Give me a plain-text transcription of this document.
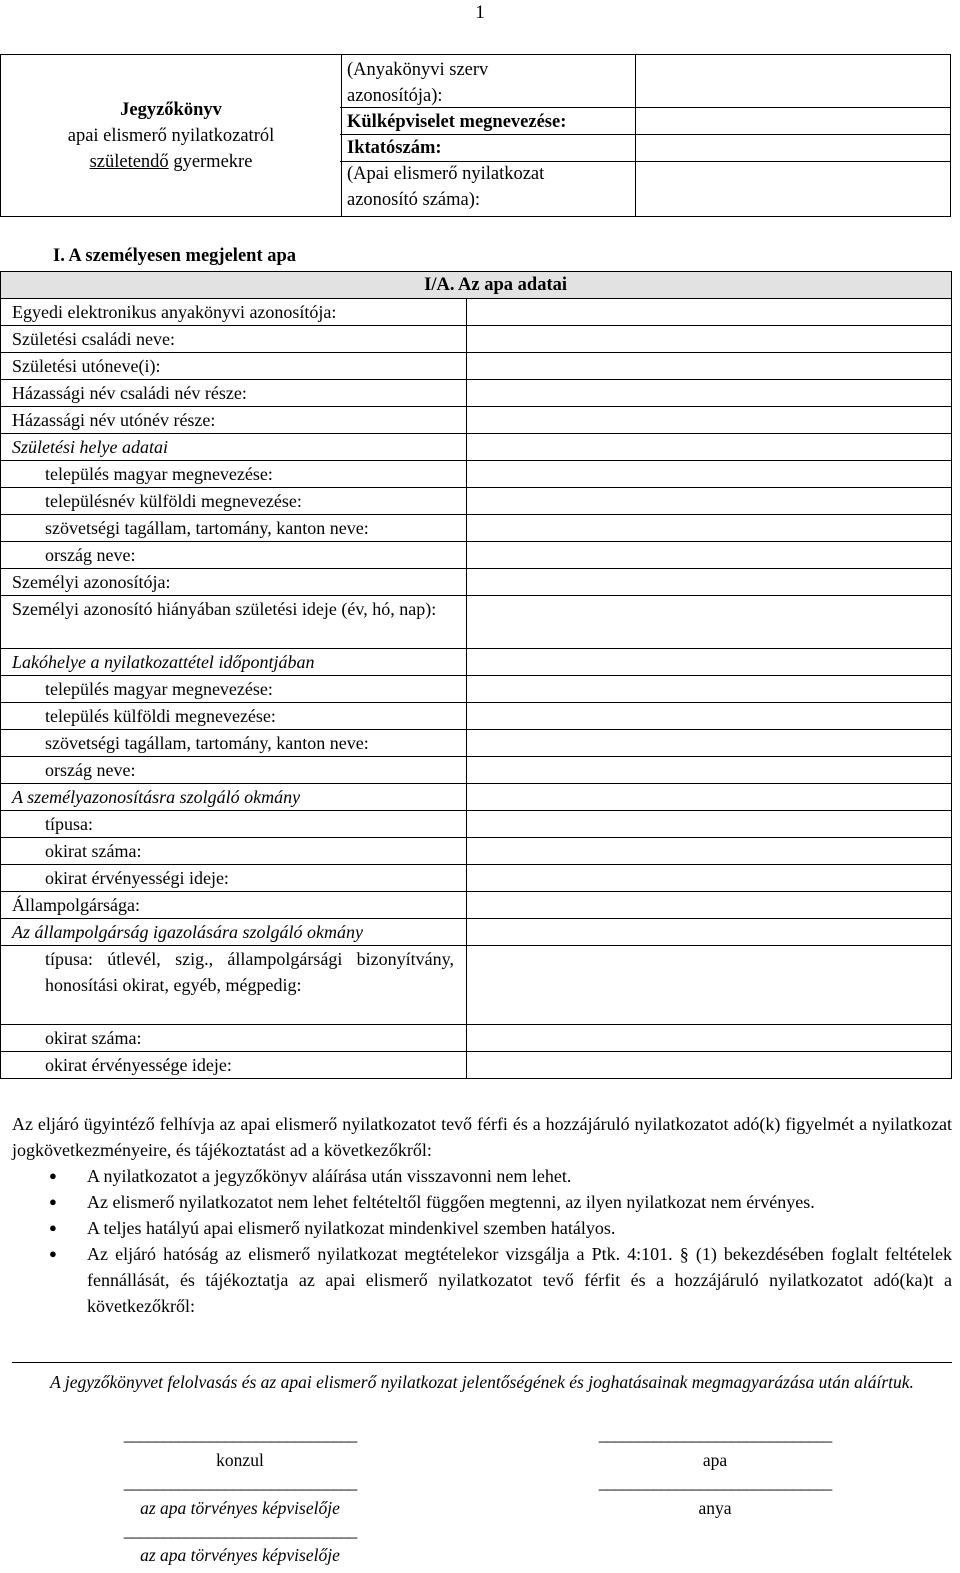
1
Jegyzőkönyv
apai elismerő nyilatkozatról
születendő gyermekre

(Anyakönyvi szerv
azonosítója):
Külképviselet megnevezése:
Iktatószám:
(Apai elismerő nyilatkozat
azonosító száma):

I. A személyesen megjelent apa
I/A. Az apa adatai	
Egyedi elektronikus anyakönyvi azonosítója:	
Születési családi neve:	
Születési utóneve(i):	
Házassági név családi név része:	
Házassági név utónév része:	
Születési helye adatai	
település magyar megnevezése:	
településnév külföldi megnevezése:	
szövetségi tagállam, tartomány, kanton neve:	
ország neve:	
Személyi azonosítója:	
Személyi azonosító hiányában születési ideje (év, hó, nap):	
Lakóhelye a nyilatkozattétel időpontjában	
település magyar megnevezése:	
település külföldi megnevezése:	
szövetségi tagállam, tartomány, kanton neve:	
ország neve:	
A személyazonosításra szolgáló okmány	
típusa:	
okirat száma:	
okirat érvényességi ideje:	
Állampolgársága:	
Az állampolgárság igazolására szolgáló okmány	
típusa: útlevél, szig., állampolgársági bizonyítvány, honosítási okirat, egyéb, mégpedig:	
okirat száma:	
okirat érvényessége ideje:	
Az eljáró ügyintéző felhívja az apai elismerő nyilatkozatot tevő férfi és a hozzájáruló nyilatkozatot adó(k) figyelmét a nyilatkozat jogkövetkezményeire, és tájékoztatást ad a következőkről:
● A nyilatkozatot a jegyzőkönyv aláírása után visszavonni nem lehet.
● Az elismerő nyilatkozatot nem lehet feltételtől függően megtenni, az ilyen nyilatkozat nem érvényes.
● A teljes hatályú apai elismerő nyilatkozat mindenkivel szemben hatályos.
● Az eljáró hatóság az elismerő nyilatkozat megtételekor vizsgálja a Ptk. 4:101. § (1) bekezdésében foglalt feltételek fennállását, és tájékoztatja az apai elismerő nyilatkozatot tevő férfit és a hozzájáruló nyilatkozatot adó(ka)t a következőkről:
A jegyzőkönyvet felolvasás és az apai elismerő nyilatkozat jelentőségének és joghatásainak megmagyarázása után aláírtuk.
______________________________
konzul
______________________________
apa
______________________________
az apa törvényes képviselője
______________________________
anya
______________________________
az apa törvényes képviselője
